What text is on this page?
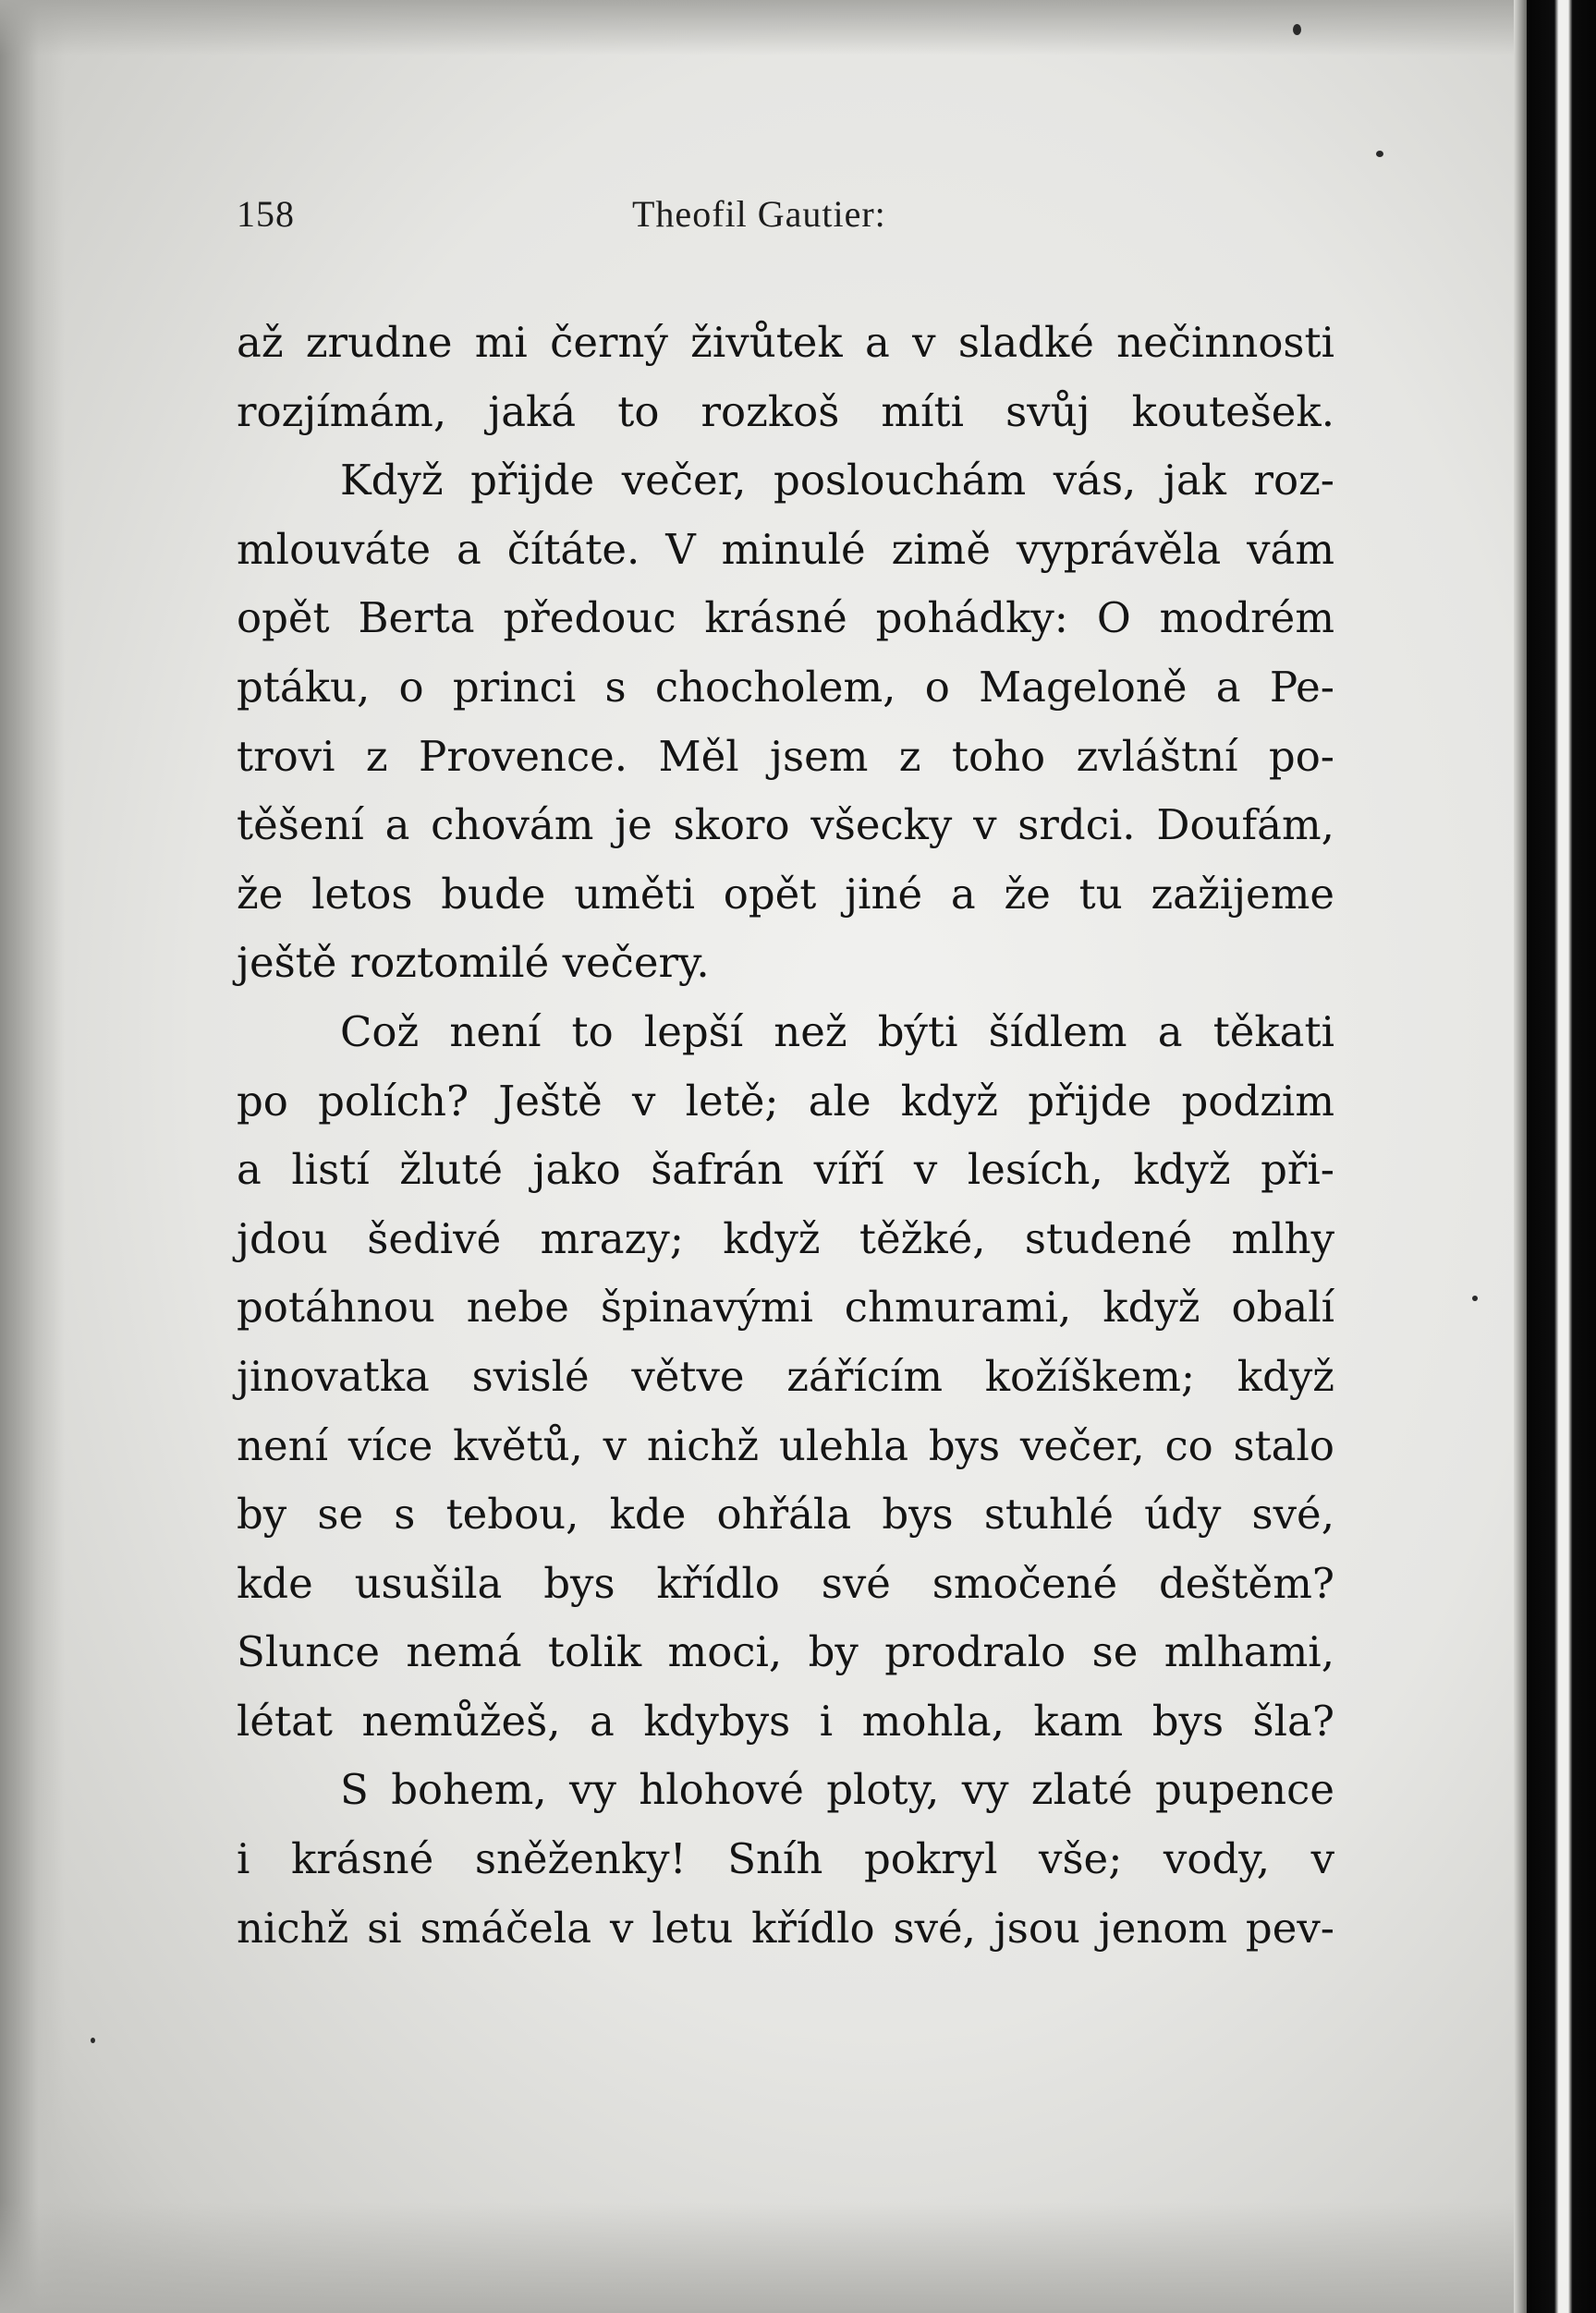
158	Theofil Gautier:
až zrudne mi černý živůtek a v sladké nečinnosti
rozjímám, jaká to rozkoš míti svůj koutešek.
Když přijde večer, poslouchám vás, jak roz-
mlouváte a čítáte. V minulé zimě vyprávěla vám
opět Berta předouc krásné pohádky: O modrém
ptáku, o princi s chocholem, o Mageloně a Pe-
trovi z Provence. Měl jsem z toho zvláštní po-
těšení a chovám je skoro všecky v srdci. Doufám,
že letos bude uměti opět jiné a že tu zažijeme
ještě roztomilé večery.
Což není to lepší než býti šídlem a těkati
po polích? Ještě v letě; ale když přijde podzim
a listí žluté jako šafrán víří v lesích, když při-
jdou šedivé mrazy; když těžké, studené mlhy
potáhnou nebe špinavými chmurami, když obalí
jinovatka svislé větve zářícím kožíškem; když
není více květů, v nichž ulehla bys večer, co stalo
by se s tebou, kde ohřála bys stuhlé údy své,
kde usušila bys křídlo své smočené deštěm?
Slunce nemá tolik moci, by prodralo se mlhami,
létat nemůžeš, a kdybys i mohla, kam bys šla?
S bohem, vy hlohové ploty, vy zlaté pupence
i krásné sněženky! Sníh pokryl vše; vody, v
nichž si smáčela v letu křídlo své, jsou jenom pev-
